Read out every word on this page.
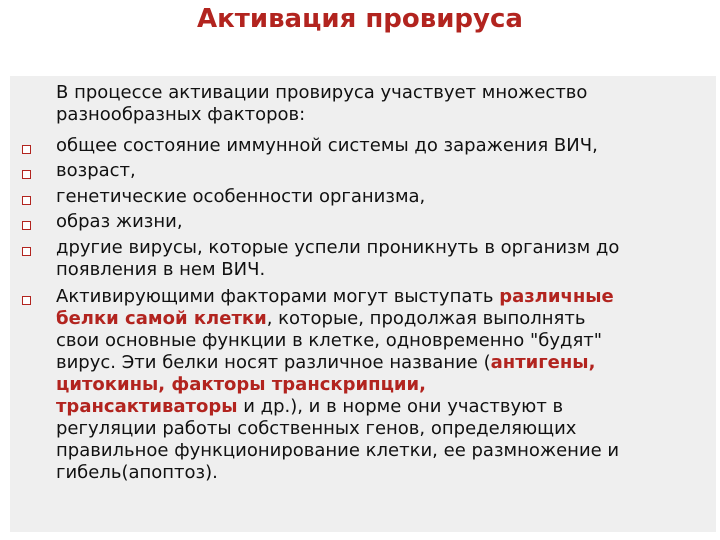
Активация провируса
В процессе активации провируса участвует множество
разнообразных факторов:
общее состояние иммунной системы до заражения ВИЧ,
возраст,
генетические особенности организма,
образ жизни,
другие вирусы, которые успели проникнуть в организм до
появления в нем ВИЧ.
Активирующими факторами могут выступать различные
белки самой клетки, которые, продолжая выполнять
свои основные функции в клетке, одновременно "будят"
вирус. Эти белки носят различное название (антигены,
цитокины, факторы транскрипции,
трансактиваторы и др.), и в норме они участвуют в
регуляции работы собственных генов, определяющих
правильное функционирование клетки, ее размножение и
гибель(апоптоз).
